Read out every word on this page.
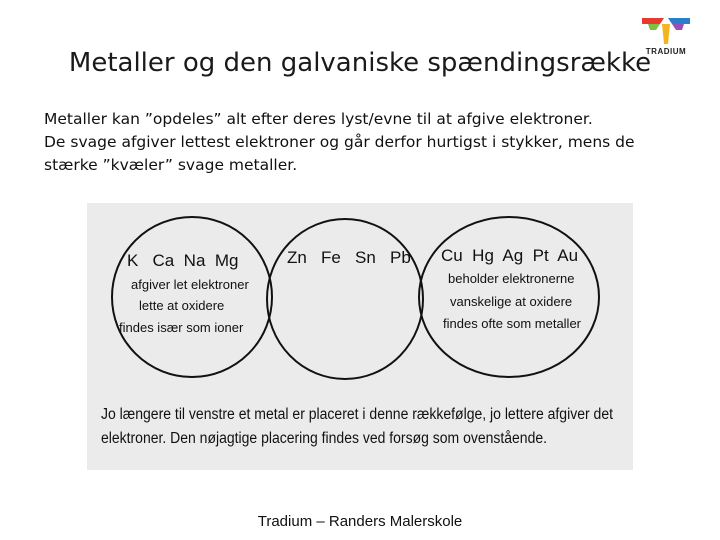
TRADIUM
Metaller og den galvaniske spændingsrække

Metaller kan ”opdeles” alt efter deres lyst/evne til at afgive elektroner.

De svage afgiver lettest elektroner og går derfor hurtigst i stykker, mens de stærke ”kvæler” svage metaller.

K   Ca  Na  Mg
afgiver let elektroner
lette at oxidere
findes især som ioner
Zn   Fe   Sn   Pb Cu  Hg  Ag  Pt  Au
beholder elektronerne
vanskelige at oxidere
findes ofte som metaller
Jo længere til venstre et metal er placeret i denne rækkefølge, jo lettere afgiver det
elektroner. Den nøjagtige placering findes ved forsøg som ovenstående.
Tradium – Randers Malerskole
